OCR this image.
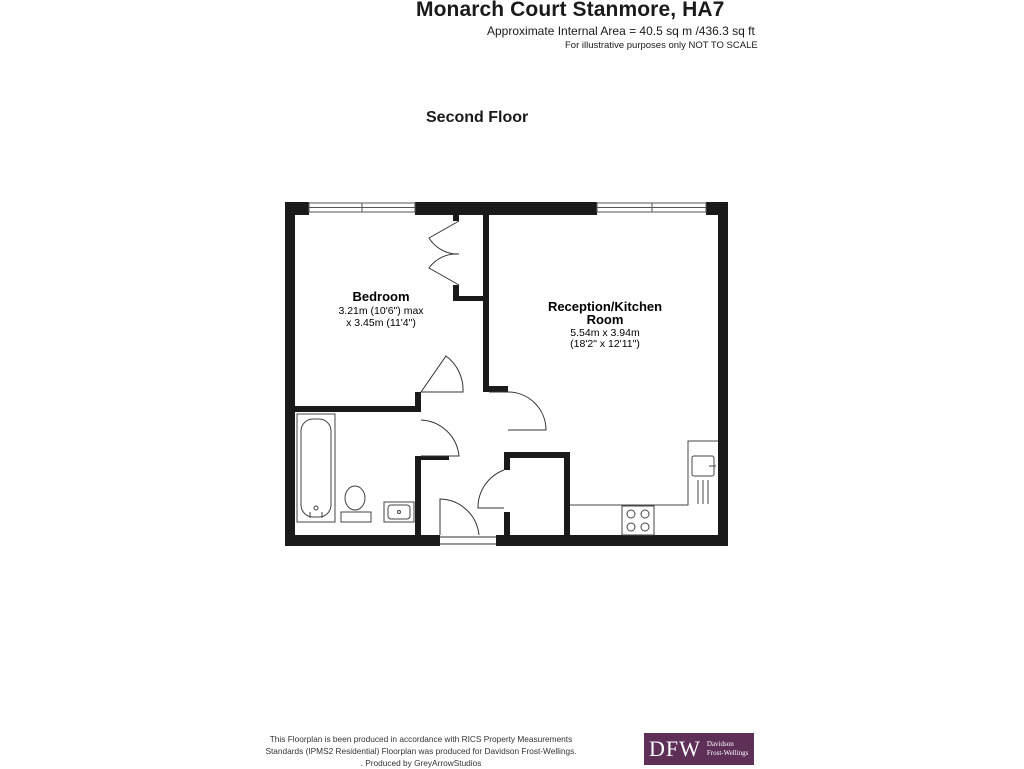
Monarch Court Stanmore, HA7
Approximate Internal Area = 40.5 sq m /436.3 sq ft
For illustrative purposes only NOT TO SCALE
Second Floor
Bedroom
3.21m (10'6") max
x 3.45m (11'4")
Reception/Kitchen
Room
5.54m x 3.94m
(18'2" x 12'11")
This Floorplan is been produced in accordance with RICS Property Measurements
Standards (IPMS2 Residential) Floorplan was produced for Davidson Frost-Wellings.
. Produced by GreyArrowStudios
DFW Davidson
Frost-Wellings
